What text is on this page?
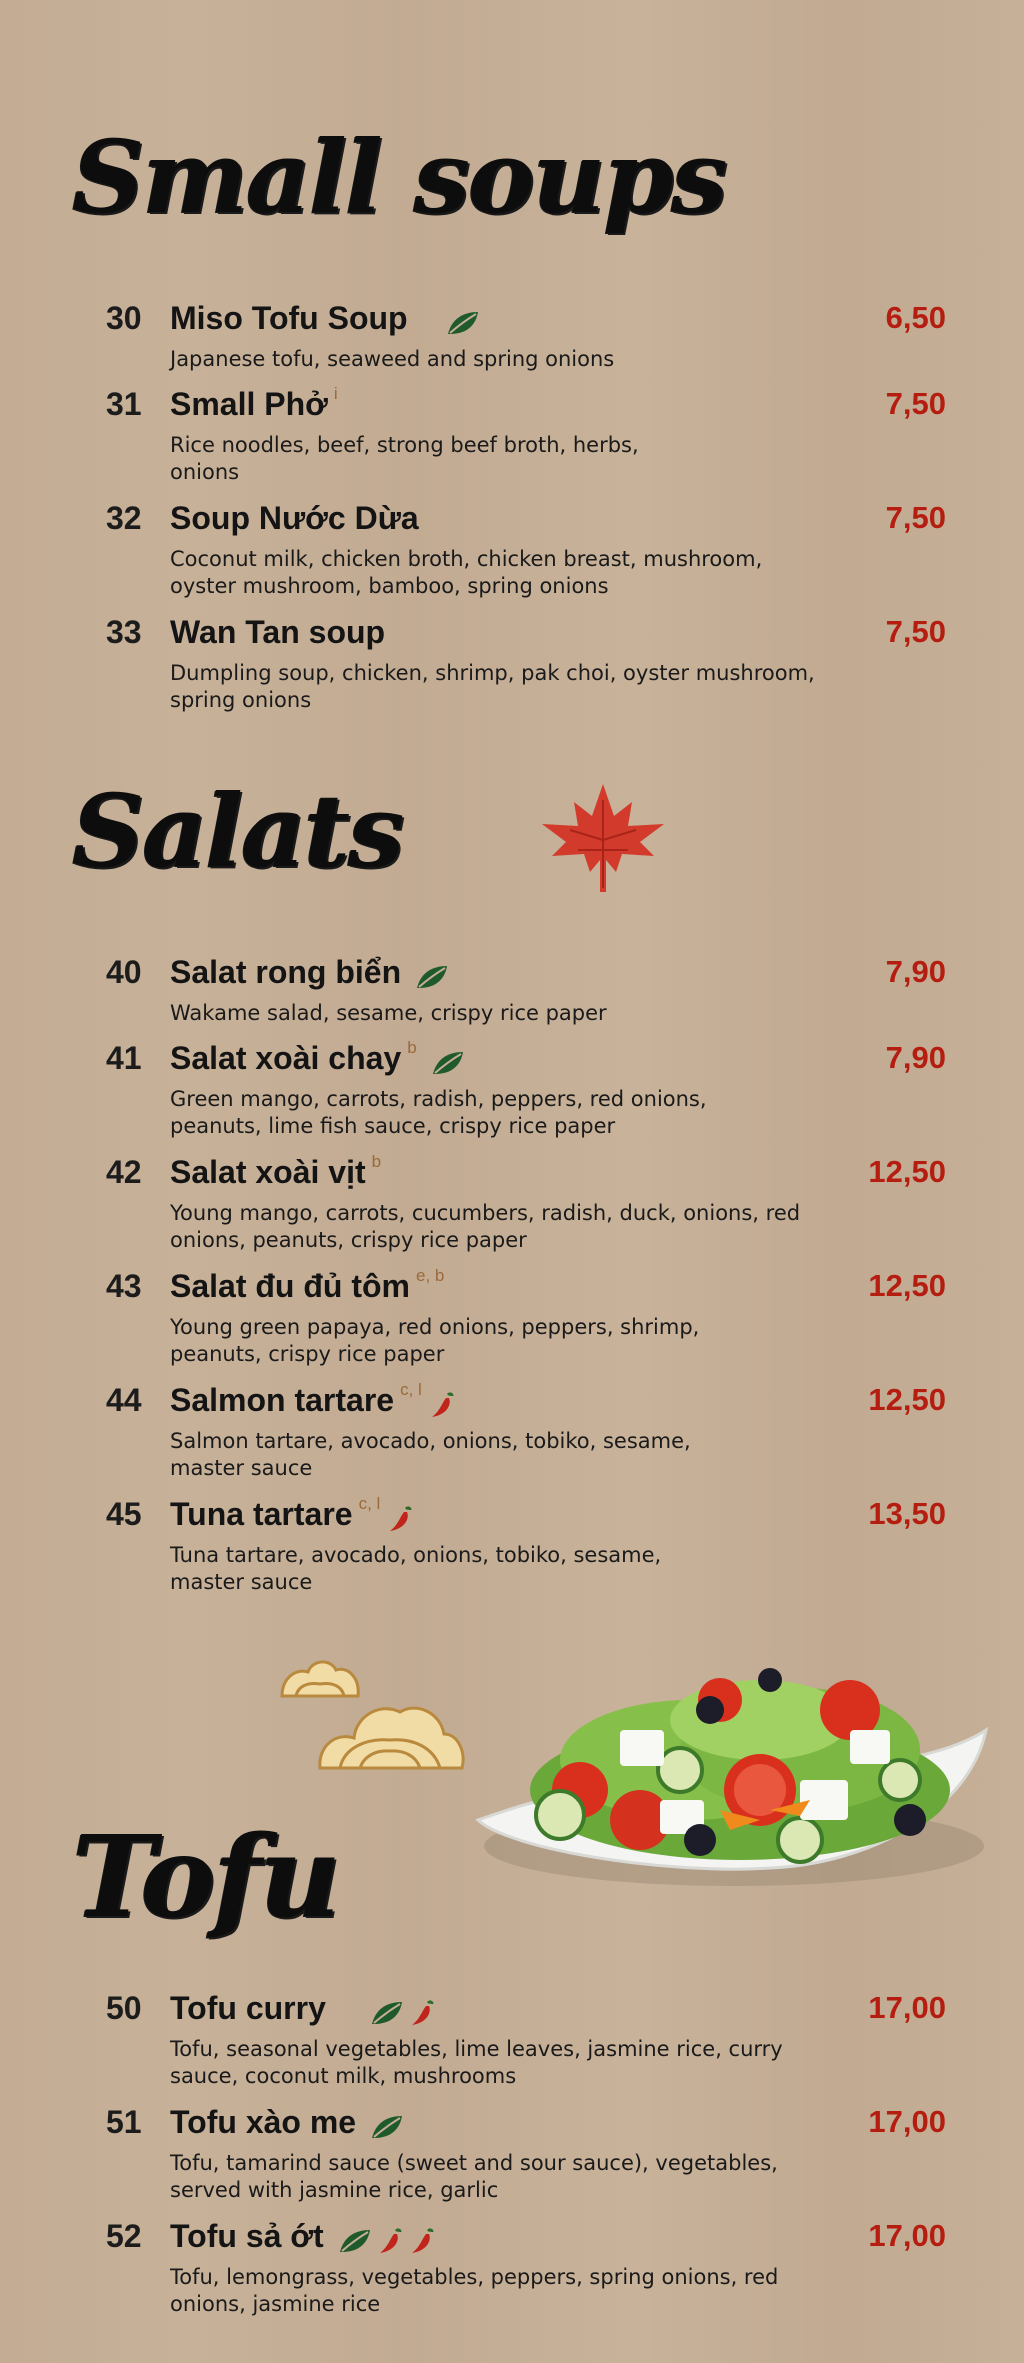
Small soups
Salats
Tofu
30 Miso Tofu Soup	6,50
Japanese tofu, seaweed and spring onions
31 Small Phở $^i$	7,50
Rice noodles, beef, strong beef broth, herbs, onions
32 Soup Nước Dừa	7,50
Coconut milk, chicken broth, chicken breast, mushroom, oyster mushroom, bamboo, spring onions
33 Wan Tan soup	7,50
Dumpling soup, chicken, shrimp, pak choi, oyster mushroom, spring onions
40 Salat rong biển	7,90
Wakame salad, sesame, crispy rice paper
41 Salat xoài chay $^b$	7,90
Green mango, carrots, radish, peppers, red onions, peanuts, lime fish sauce, crispy rice paper
42 Salat xoài vịt $^b$	12,50
Young mango, carrots, cucumbers, radish, duck, onions, red onions, peanuts, crispy rice paper
43 Salat đu đủ tôm $^{e, b}$	12,50
Young green papaya, red onions, peppers, shrimp, peanuts, crispy rice paper
44 Salmon tartare $^{c, l}$	12,50
Salmon tartare, avocado, onions, tobiko, sesame, master sauce
45 Tuna tartare $^{c, l}$	13,50
Tuna tartare, avocado, onions, tobiko, sesame, master sauce
50 Tofu curry	17,00
Tofu, seasonal vegetables, lime leaves, jasmine rice, curry sauce, coconut milk, mushrooms
51 Tofu xào me	17,00
Tofu, tamarind sauce (sweet and sour sauce), vegetables, served with jasmine rice, garlic
52 Tofu sả ớt	17,00
Tofu, lemongrass, vegetables, peppers, spring onions, red onions, jasmine rice
